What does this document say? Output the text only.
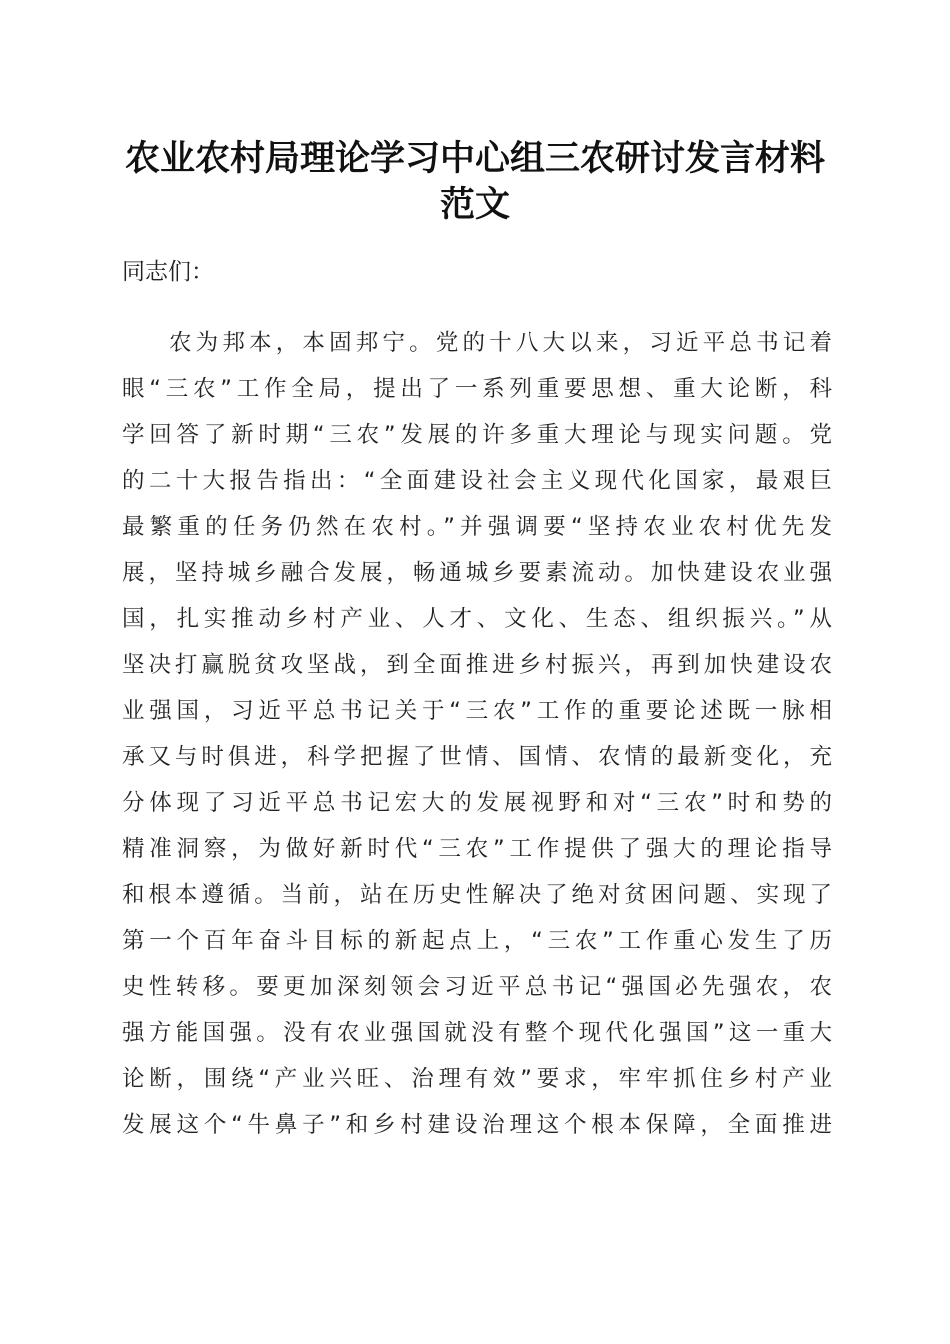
农业农村局理论学习中心组三农研讨发言材料
范文
同志们：
农为邦本，本固邦宁。党的十八大以来，习近平总书记着
眼“三农”工作全局，提出了一系列重要思想、重大论断，科
学回答了新时期“三农”发展的许多重大理论与现实问题。党
的二十大报告指出：“全面建设社会主义现代化国家，最艰巨
最繁重的任务仍然在农村。”并强调要“坚持农业农村优先发
展，坚持城乡融合发展，畅通城乡要素流动。加快建设农业强
国，扎实推动乡村产业、人才、文化、生态、组织振兴。”从
坚决打赢脱贫攻坚战，到全面推进乡村振兴，再到加快建设农
业强国，习近平总书记关于“三农”工作的重要论述既一脉相
承又与时俱进，科学把握了世情、国情、农情的最新变化，充
分体现了习近平总书记宏大的发展视野和对“三农”时和势的
精准洞察，为做好新时代“三农”工作提供了强大的理论指导
和根本遵循。当前，站在历史性解决了绝对贫困问题、实现了
第一个百年奋斗目标的新起点上，“三农”工作重心发生了历
史性转移。要更加深刻领会习近平总书记“强国必先强农，农
强方能国强。没有农业强国就没有整个现代化强国”这一重大
论断，围绕“产业兴旺、治理有效”要求，牢牢抓住乡村产业
发展这个“牛鼻子”和乡村建设治理这个根本保障，全面推进
